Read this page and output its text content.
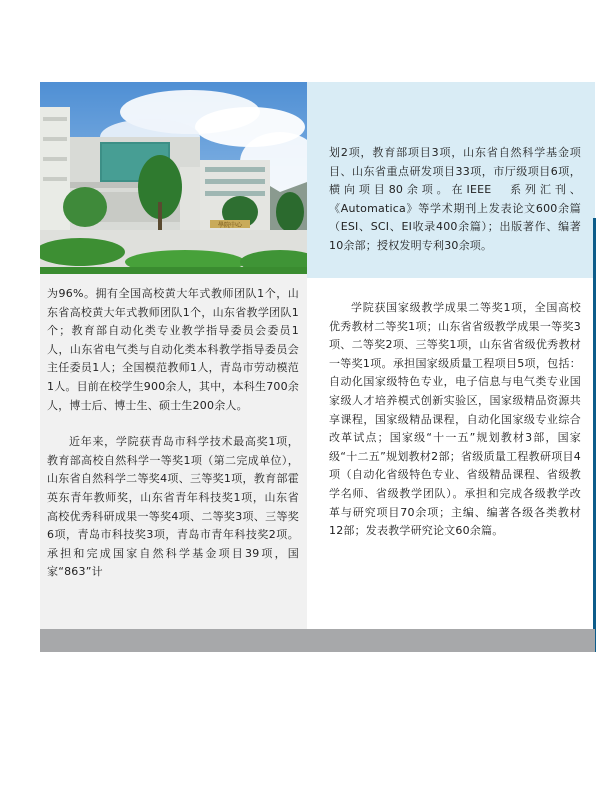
學院中心

为96%。拥有全国高校黄大年式教师团队1个，山东省高校黄大年式教师团队1个，山东省教学团队1个；教育部自动化类专业教学指导委员会委员1人，山东省电气类与自动化类本科教学指导委员会主任委员1人；全国模范教师1人，青岛市劳动模范1人。目前在校学生900余人，其中，本科生700余人，博士后、博士生、硕士生200余人。

近年来，学院获青岛市科学技术最高奖1项，教育部高校自然科学一等奖1项（第二完成单位），山东省自然科学二等奖4项、三等奖1项，教育部霍英东青年教师奖，山东省青年科技奖1项，山东省高校优秀科研成果一等奖4项、二等奖3项、三等奖6项，青岛市科技奖3项，青岛市青年科技奖2项。承担和完成国家自然科学基金项目39项，国家“863”计

划2项，教育部项目3项，山东省自然科学基金项目、山东省重点研发项目33项，市厅级项目6项，横向项目80余项。在IEEE　系列汇刊、《Automatica》等学术期刊上发表论文600余篇（ESI、SCI、EI收录400余篇）；出版著作、编著10余部；授权发明专利30余项。

学院获国家级教学成果二等奖1项，全国高校优秀教材二等奖1项；山东省省级教学成果一等奖3项、二等奖2项、三等奖1项，山东省省级优秀教材一等奖1项。承担国家级质量工程项目5项，包括：自动化国家级特色专业，电子信息与电气类专业国家级人才培养模式创新实验区，国家级精品资源共享课程，国家级精品课程，自动化国家级专业综合改革试点；国家级“十一五”规划教材3部，国家级“十二五”规划教材2部；省级质量工程教研项目4项（自动化省级特色专业、省级精品课程、省级教学名师、省级教学团队）。承担和完成各级教学改革与研究项目70余项；主编、编著各级各类教材12部；发表教学研究论文60余篇。
